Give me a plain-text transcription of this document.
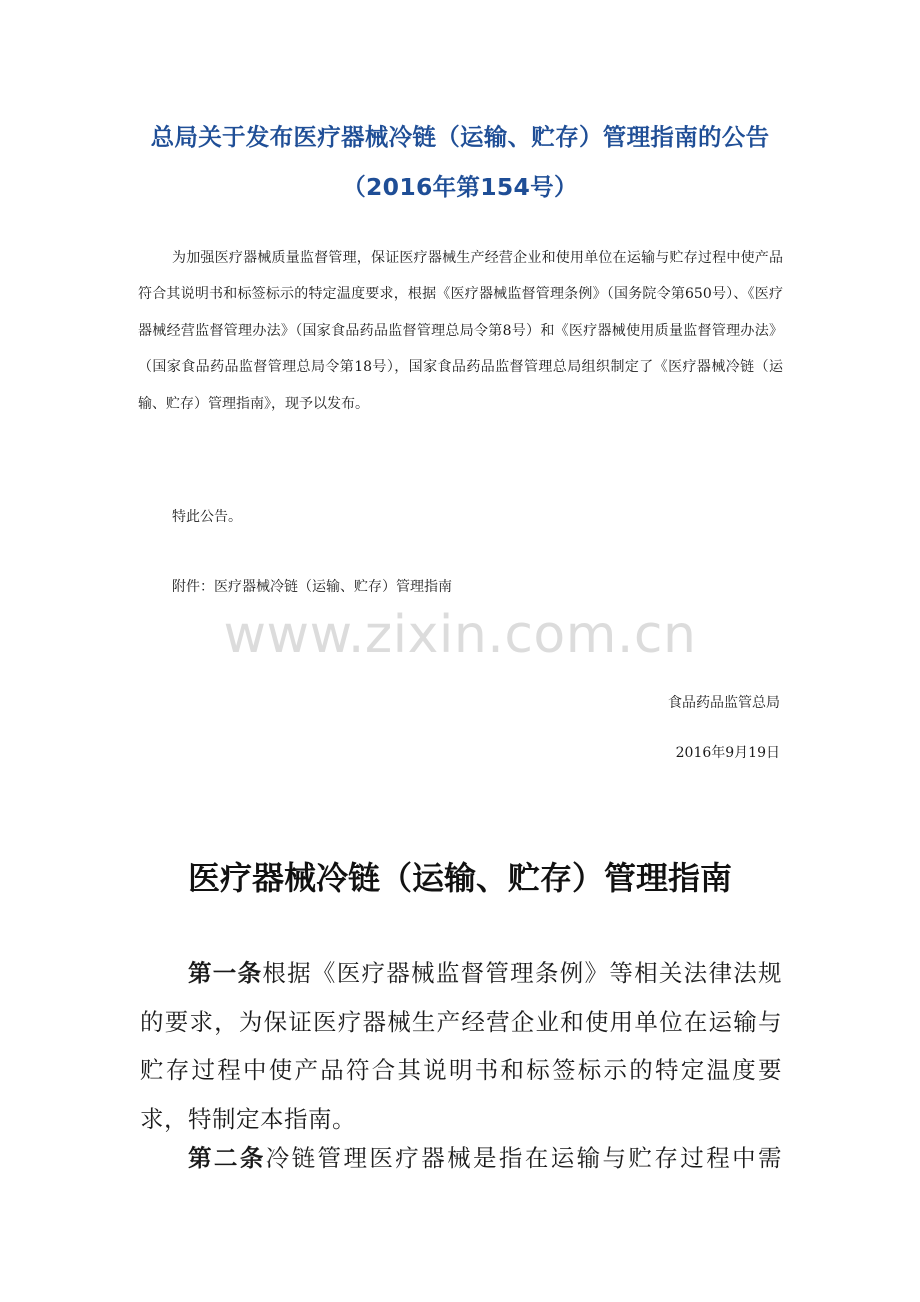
总局关于发布医疗器械冷链（运输、贮存）管理指南的公告（2016年第154号）

为加强医疗器械质量监督管理，保证医疗器械生产经营企业和使用单位在运输与贮存过程中使产品符合其说明书和标签标示的特定温度要求，根据《医疗器械监督管理条例》（国务院令第650号）、《医疗器械经营监督管理办法》（国家食品药品监督管理总局令第8号）和《医疗器械使用质量监督管理办法》（国家食品药品监督管理总局令第18号），国家食品药品监督管理总局组织制定了《医疗器械冷链（运输、贮存）管理指南》，现予以发布。

特此公告。

附件：医疗器械冷链（运输、贮存）管理指南

www.zixin.com.cn

食品药品监管总局

2016年9月19日

医疗器械冷链（运输、贮存）管理指南

第一条根据《医疗器械监督管理条例》等相关法律法规的要求，为保证医疗器械生产经营企业和使用单位在运输与贮存过程中使产品符合其说明书和标签标示的特定温度要求，特制定本指南。

第二条冷链管理医疗器械是指在运输与贮存过程中需
